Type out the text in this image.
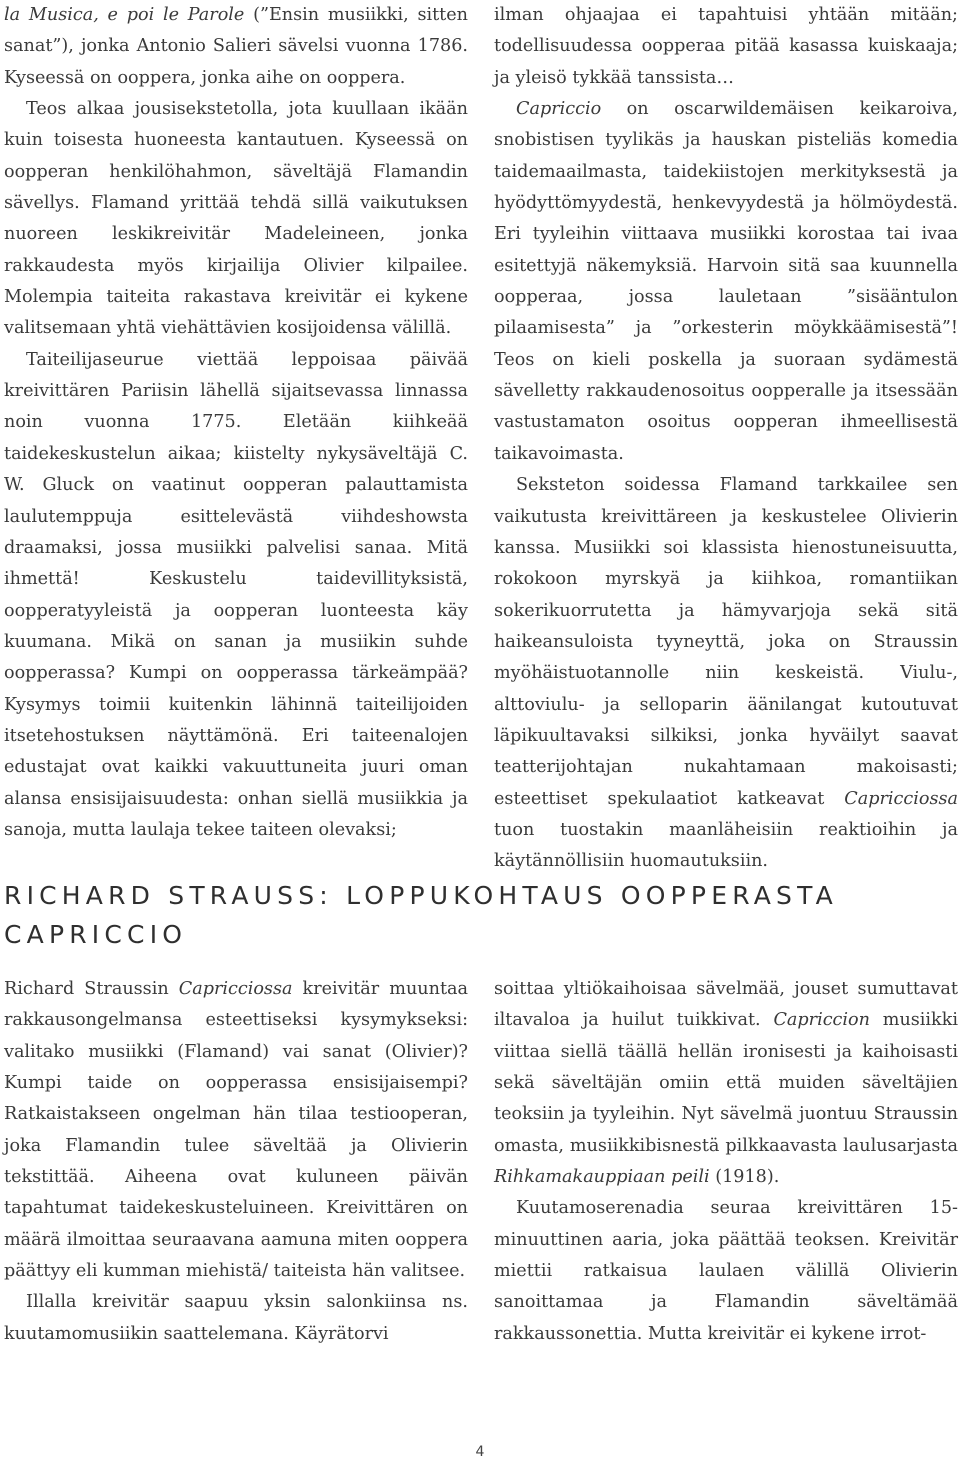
la Musica, e poi le Parole (”Ensin musiikki, sitten sanat”), jonka Antonio Salieri sävelsi vuonna 1786. Kyseessä on ooppera, jonka aihe on ooppera.

Teos alkaa jousisekstetolla, jota kuullaan ikään kuin toisesta huoneesta kantautuen. Kyseessä on oopperan henkilöhahmon, säveltäjä Flamandin sävellys. Flamand yrittää tehdä sillä vaikutuksen nuoreen leskikreivitär Madeleineen, jonka rakkaudesta myös kirjailija Olivier kilpailee. Molempia taiteita rakastava kreivitär ei kykene valitsemaan yhtä viehättävien kosijoidensa välillä.

Taiteilijaseurue viettää leppoisaa päivää kreivittären Pariisin lähellä sijaitsevassa linnassa noin vuonna 1775. Eletään kiihkeää taidekeskustelun aikaa; kiistelty nykysäveltäjä C. W. Gluck on vaatinut oopperan palauttamista laulutemppuja esittelevästä viihdeshowsta draamaksi, jossa musiikki palvelisi sanaa. Mitä ihmettä! Keskustelu taidevillityksistä, oopperatyyleistä ja oopperan luonteesta käy kuumana. Mikä on sanan ja musiikin suhde oopperassa? Kumpi on oopperassa tärkeämpää? Kysymys toimii kuitenkin lähinnä taiteilijoiden itsetehostuksen näyttämönä. Eri taiteenalojen edustajat ovat kaikki vakuuttuneita juuri oman alansa ensisijaisuudesta: onhan siellä musiikkia ja sanoja, mutta laulaja tekee taiteen olevaksi;

ilman ohjaajaa ei tapahtuisi yhtään mitään; todellisuudessa oopperaa pitää kasassa kuiskaaja; ja yleisö tykkää tanssista…

Capriccio on oscarwildemäisen keikaroiva, snobistisen tyylikäs ja hauskan pisteliäs komedia taidemaailmasta, taidekiistojen merkityksestä ja hyödyttömyydestä, henkevyydestä ja hölmöydestä. Eri tyyleihin viittaava musiikki korostaa tai ivaa esitettyjä näkemyksiä. Harvoin sitä saa kuunnella oopperaa, jossa lauletaan ”sisääntulon pilaamisesta” ja ”orkesterin möykkäämisestä”! Teos on kieli poskella ja suoraan sydämestä sävelletty rakkaudenosoitus oopperalle ja itsessään vastustamaton osoitus oopperan ihmeellisestä taikavoimasta.

Seksteton soidessa Flamand tarkkailee sen vaikutusta kreivittäreen ja keskustelee Olivierin kanssa. Musiikki soi klassista hienostuneisuutta, rokokoon myrskyä ja kiihkoa, romantiikan sokerikuorrutetta ja hämyvarjoja sekä sitä haikeansuloista tyyneyttä, joka on Straussin myöhäistuotannolle niin keskeistä. Viulu-, alttoviulu- ja selloparin äänilangat kutoutuvat läpikuultavaksi silkiksi, jonka hyväilyt saavat teatterijohtajan nukahtamaan makoisasti; esteettiset spekulaatiot katkeavat Capricciossa tuon tuostakin maanläheisiin reaktioihin ja käytännöllisiin huomautuksiin.

RICHARD STRAUSS: LOPPUKOHTAUS OOPPERASTA CAPRICCIO

Richard Straussin Capricciossa kreivitär muuntaa rakkausongelmansa esteettiseksi kysymykseksi: valitako musiikki (Flamand) vai sanat (Olivier)? Kumpi taide on oopperassa ensisijaisempi? Ratkaistakseen ongelman hän tilaa testiooperan, joka Flamandin tulee säveltää ja Olivierin tekstittää. Aiheena ovat kuluneen päivän tapahtumat taidekeskusteluineen. Kreivittären on määrä ilmoittaa seuraavana aamuna miten ooppera päättyy eli kumman miehistä/ taiteista hän valitsee.

Illalla kreivitär saapuu yksin salonkiinsa ns. kuutamomusiikin saattelemana. Käyrätorvi

soittaa yltiökaihoisaa sävelmää, jouset sumuttavat iltavaloa ja huilut tuikkivat. Capriccion musiikki viittaa siellä täällä hellän ironisesti ja kaihoisasti sekä säveltäjän omiin että muiden säveltäjien teoksiin ja tyyleihin. Nyt sävelmä juontuu Straussin omasta, musiikkibisnestä pilkkaavasta laulusarjasta Rihkamakauppiaan peili (1918).

Kuutamoserenadia seuraa kreivittären 15-minuuttinen aaria, joka päättää teoksen. Kreivitär miettii ratkaisua laulaen välillä Olivierin sanoittamaa ja Flamandin säveltämää rakkaussonettia. Mutta kreivitär ei kykene irrot-

4
